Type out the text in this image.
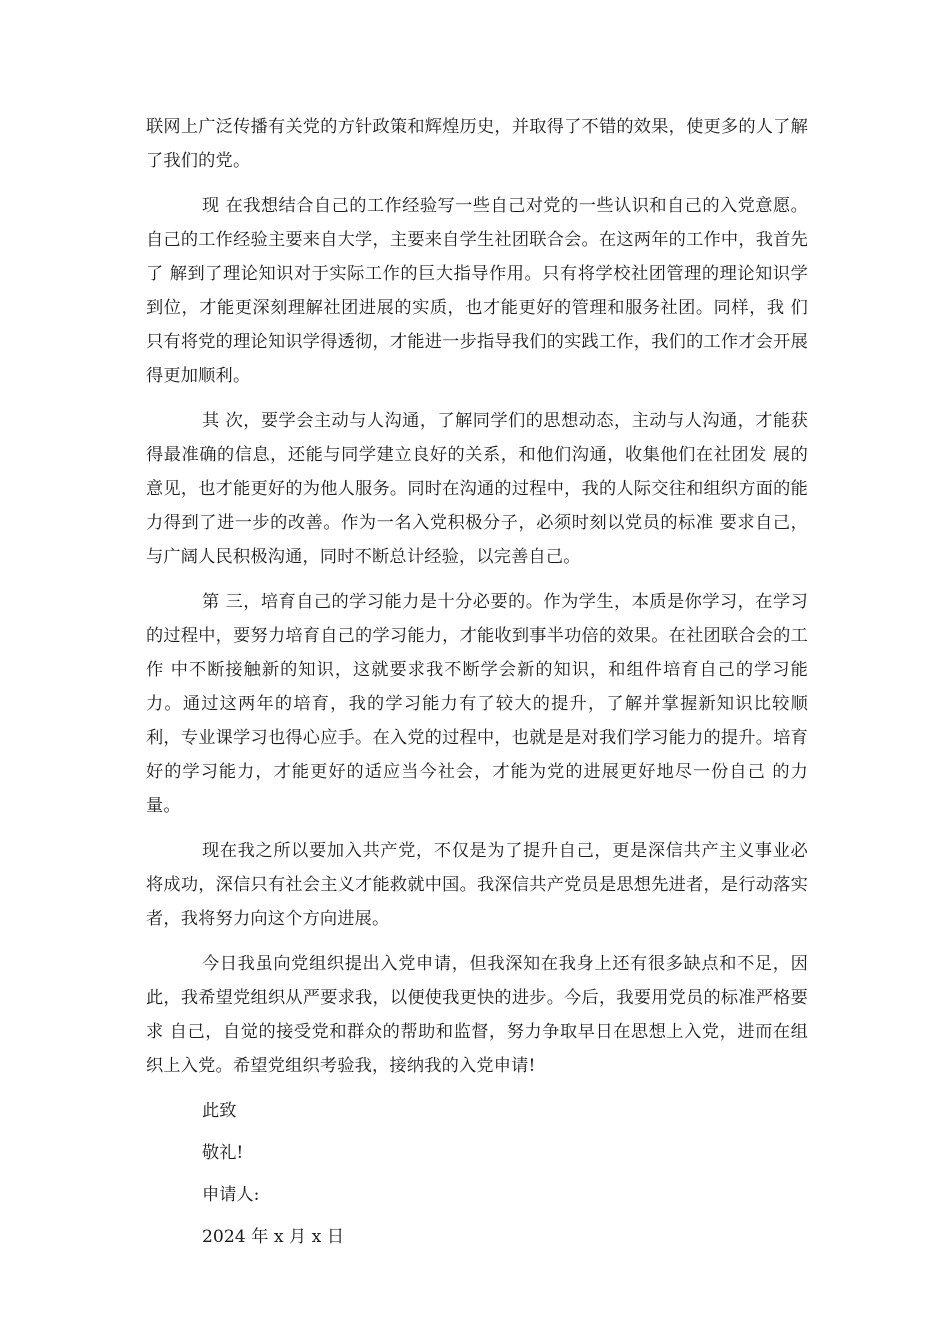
联网上广泛传播有关党的方针政策和辉煌历史，并取得了不错的效果，使更多的人了解了我们的党。

现 在我想结合自己的工作经验写一些自己对党的一些认识和自己的入党意愿。自己的工作经验主要来自大学，主要来自学生社团联合会。在这两年的工作中，我首先了 解到了理论知识对于实际工作的巨大指导作用。只有将学校社团管理的理论知识学到位，才能更深刻理解社团进展的实质，也才能更好的管理和服务社团。同样，我 们只有将党的理论知识学得透彻，才能进一步指导我们的实践工作，我们的工作才会开展得更加顺利。

其 次，要学会主动与人沟通，了解同学们的思想动态，主动与人沟通，才能获得最准确的信息，还能与同学建立良好的关系，和他们沟通，收集他们在社团发 展的意见，也才能更好的为他人服务。同时在沟通的过程中，我的人际交往和组织方面的能力得到了进一步的改善。作为一名入党积极分子，必须时刻以党员的标准 要求自己，与广阔人民积极沟通，同时不断总计经验，以完善自己。

第 三，培育自己的学习能力是十分必要的。作为学生，本质是你学习，在学习的过程中，要努力培育自己的学习能力，才能收到事半功倍的效果。在社团联合会的工作 中不断接触新的知识，这就要求我不断学会新的知识，和组件培育自己的学习能力。通过这两年的培育，我的学习能力有了较大的提升，了解并掌握新知识比较顺 利，专业课学习也得心应手。在入党的过程中，也就是是对我们学习能力的提升。培育好的学习能力，才能更好的适应当今社会，才能为党的进展更好地尽一份自己 的力量。

现在我之所以要加入共产党，不仅是为了提升自己，更是深信共产主义事业必将成功，深信只有社会主义才能救就中国。我深信共产党员是思想先进者，是行动落实者，我将努力向这个方向进展。

今日我虽向党组织提出入党申请，但我深知在我身上还有很多缺点和不足，因此，我希望党组织从严要求我，以便使我更快的进步。今后，我要用党员的标准严格要求 自己，自觉的接受党和群众的帮助和监督，努力争取早日在思想上入党，进而在组织上入党。希望党组织考验我，接纳我的入党申请!

此致

敬礼!

申请人:

2024 年 x 月 x 日
